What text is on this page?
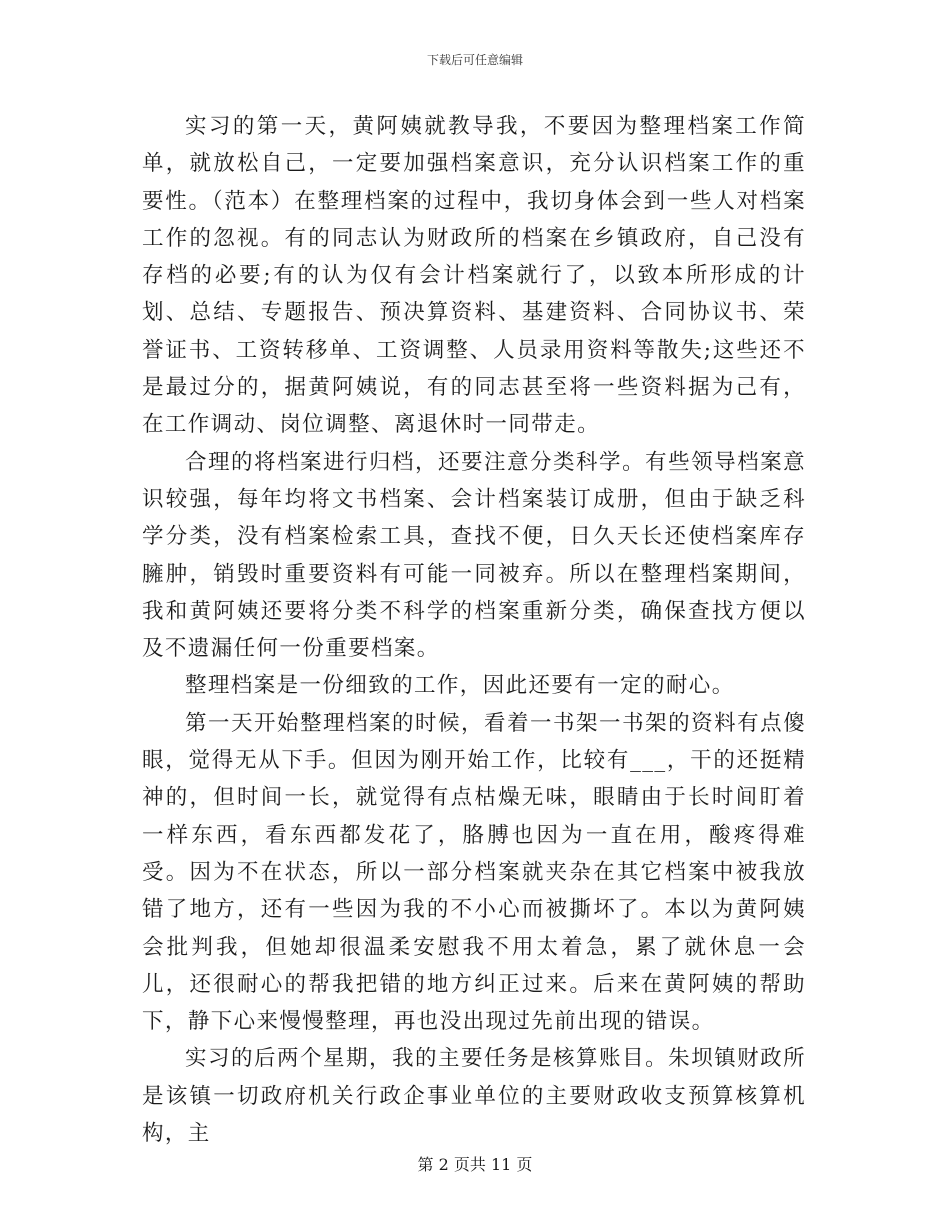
下载后可任意编辑

实习的第一天，黄阿姨就教导我，不要因为整理档案工作简单，就放松自己，一定要加强档案意识，充分认识档案工作的重要性。（范本）在整理档案的过程中，我切身体会到一些人对档案工作的忽视。有的同志认为财政所的档案在乡镇政府，自己没有存档的必要;有的认为仅有会计档案就行了，以致本所形成的计划、总结、专题报告、预决算资料、基建资料、合同协议书、荣誉证书、工资转移单、工资调整、人员录用资料等散失;这些还不是最过分的，据黄阿姨说，有的同志甚至将一些资料据为己有，在工作调动、岗位调整、离退休时一同带走。

合理的将档案进行归档，还要注意分类科学。有些领导档案意识较强，每年均将文书档案、会计档案装订成册，但由于缺乏科学分类，没有档案检索工具，查找不便，日久天长还使档案库存臃肿，销毁时重要资料有可能一同被弃。所以在整理档案期间，我和黄阿姨还要将分类不科学的档案重新分类，确保查找方便以及不遗漏任何一份重要档案。

整理档案是一份细致的工作，因此还要有一定的耐心。

第一天开始整理档案的时候，看着一书架一书架的资料有点傻眼，觉得无从下手。但因为刚开始工作，比较有___，干的还挺精神的，但时间一长，就觉得有点枯燥无味，眼睛由于长时间盯着一样东西，看东西都发花了，胳膊也因为一直在用，酸疼得难受。因为不在状态，所以一部分档案就夹杂在其它档案中被我放错了地方，还有一些因为我的不小心而被撕坏了。本以为黄阿姨会批判我，但她却很温柔安慰我不用太着急，累了就休息一会儿，还很耐心的帮我把错的地方纠正过来。后来在黄阿姨的帮助下，静下心来慢慢整理，再也没出现过先前出现的错误。

实习的后两个星期，我的主要任务是核算账目。朱坝镇财政所是该镇一切政府机关行政企事业单位的主要财政收支预算核算机构，主

第 2 页共 11 页
